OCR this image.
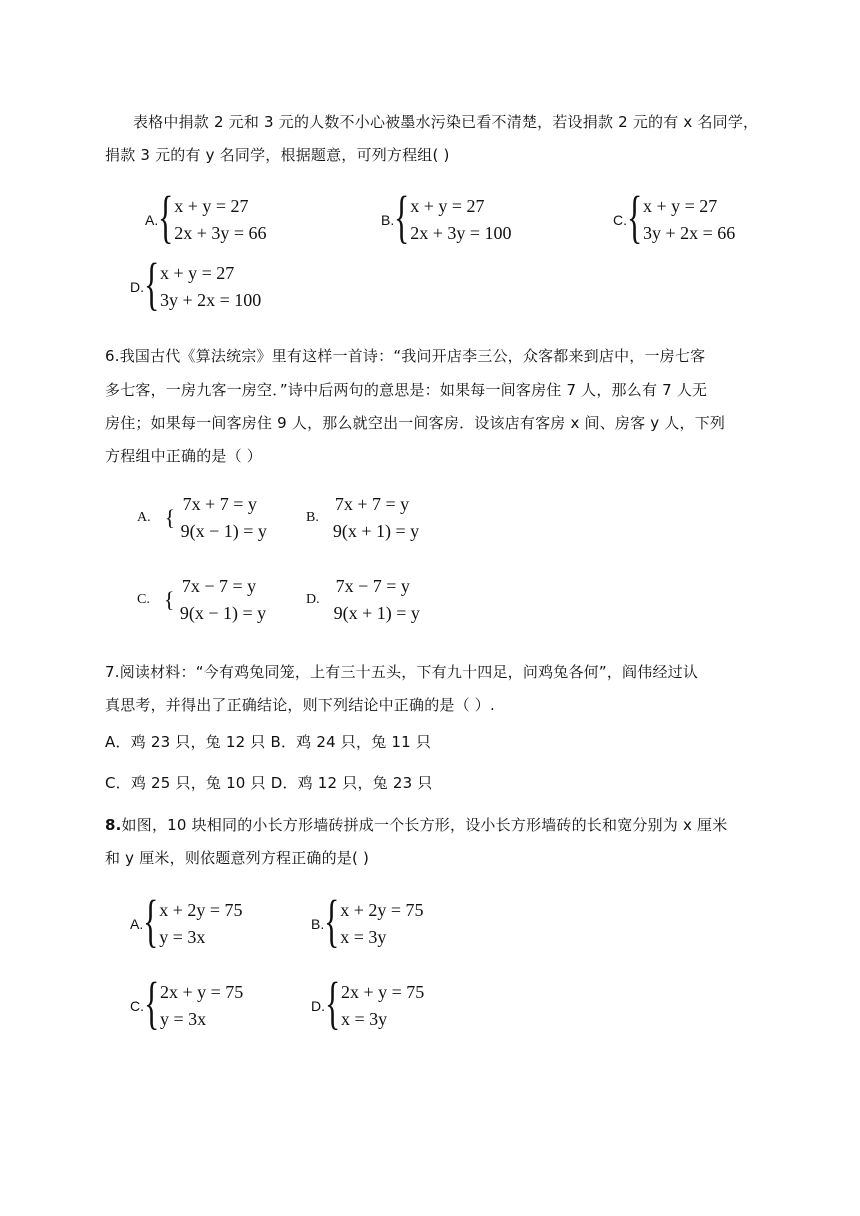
表格中捐款 2 元和 3 元的人数不小心被墨水污染已看不清楚，若设捐款 2 元的有 x 名同学，
捐款 3 元的有 y 名同学，根据题意，可列方程组( )
A. { x + y = 27
2x + 3y = 66
B. { x + y = 27
2x + 3y = 100
C. { x + y = 27
3y + 2x = 66
D. { x + y = 27
3y + 2x = 100
6.我国古代《算法统宗》里有这样一首诗：“我问开店李三公，众客都来到店中，一房七客
多七客，一房九客一房空．”诗中后两句的意思是：如果每一间客房住 7 人，那么有 7 人无
房住；如果每一间客房住 9 人，那么就空出一间客房．设该店有客房 x 间、房客 y 人，下列
方程组中正确的是（ ）
A. {
7x + 7 = y
9(x − 1) = y
B.
7x + 7 = y
9(x + 1) = y
C. {
7x − 7 = y
9(x − 1) = y
D.
7x − 7 = y
9(x + 1) = y
7.阅读材料：“今有鸡兔同笼，上有三十五头，下有九十四足，问鸡兔各何”，阎伟经过认
真思考，并得出了正确结论，则下列结论中正确的是（ ）.
A．鸡 23 只，兔 12 只 B．鸡 24 只，兔 11 只
C．鸡 25 只，兔 10 只 D．鸡 12 只，兔 23 只
8.如图，10 块相同的小长方形墙砖拼成一个长方形，设小长方形墙砖的长和宽分别为 x 厘米
和 y 厘米，则依题意列方程正确的是( )
A. { x + 2y = 75
y = 3x
B. { x + 2y = 75
x = 3y
C. { 2x + y = 75
y = 3x
D. { 2x + y = 75
x = 3y
